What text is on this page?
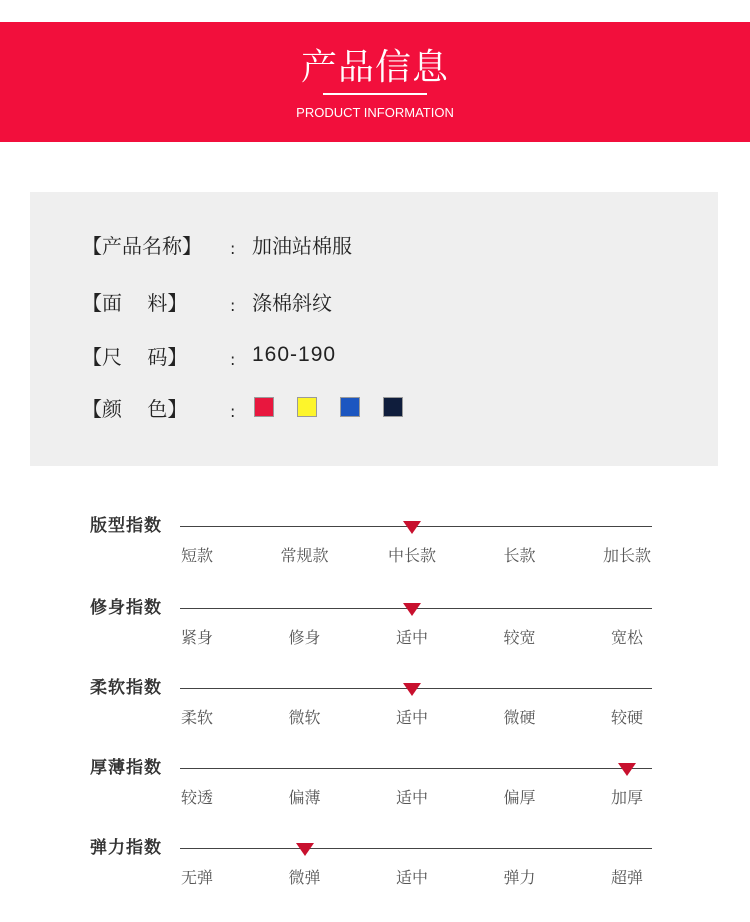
产品信息
PRODUCT INFORMATION
【产品名称】	: 加油站棉服
【面    料】	: 涤棉斜纹
【尺    码】	: 160-190
【颜    色】	:
版型指数
短款	常规款	中长款	长款	加长款
修身指数
紧身	修身	适中	较宽	宽松
柔软指数
柔软	微软	适中	微硬	较硬
厚薄指数
较透	偏薄	适中	偏厚	加厚
弹力指数
无弹	微弹	适中	弹力	超弹
